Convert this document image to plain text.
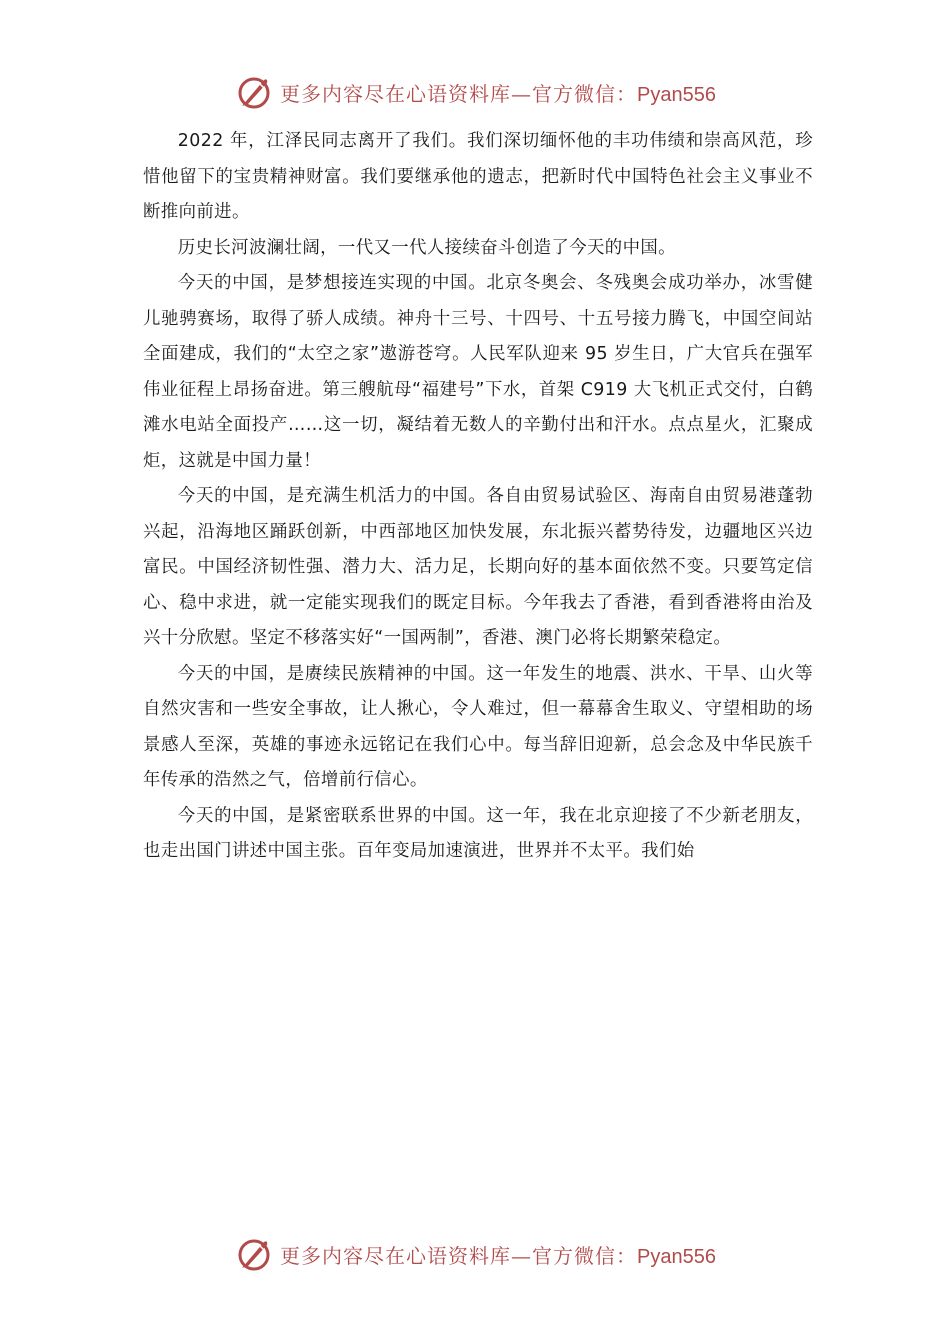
更多内容尽在心语资料库—官方微信：Pyan556

2022 年，江泽民同志离开了我们。我们深切缅怀他的丰功伟绩和崇高风范，珍惜他留下的宝贵精神财富。我们要继承他的遗志，把新时代中国特色社会主义事业不断推向前进。

历史长河波澜壮阔，一代又一代人接续奋斗创造了今天的中国。

今天的中国，是梦想接连实现的中国。北京冬奥会、冬残奥会成功举办，冰雪健儿驰骋赛场，取得了骄人成绩。神舟十三号、十四号、十五号接力腾飞，中国空间站全面建成，我们的“太空之家”遨游苍穹。人民军队迎来 95 岁生日，广大官兵在强军伟业征程上昂扬奋进。第三艘航母“福建号”下水，首架 C919 大飞机正式交付，白鹤滩水电站全面投产……这一切，凝结着无数人的辛勤付出和汗水。点点星火，汇聚成炬，这就是中国力量！

今天的中国，是充满生机活力的中国。各自由贸易试验区、海南自由贸易港蓬勃兴起，沿海地区踊跃创新，中西部地区加快发展，东北振兴蓄势待发，边疆地区兴边富民。中国经济韧性强、潜力大、活力足，长期向好的基本面依然不变。只要笃定信心、稳中求进，就一定能实现我们的既定目标。今年我去了香港，看到香港将由治及兴十分欣慰。坚定不移落实好“一国两制”，香港、澳门必将长期繁荣稳定。

今天的中国，是赓续民族精神的中国。这一年发生的地震、洪水、干旱、山火等自然灾害和一些安全事故，让人揪心，令人难过，但一幕幕舍生取义、守望相助的场景感人至深，英雄的事迹永远铭记在我们心中。每当辞旧迎新，总会念及中华民族千年传承的浩然之气，倍增前行信心。

今天的中国，是紧密联系世界的中国。这一年，我在北京迎接了不少新老朋友，也走出国门讲述中国主张。百年变局加速演进，世界并不太平。我们始

更多内容尽在心语资料库—官方微信：Pyan556
